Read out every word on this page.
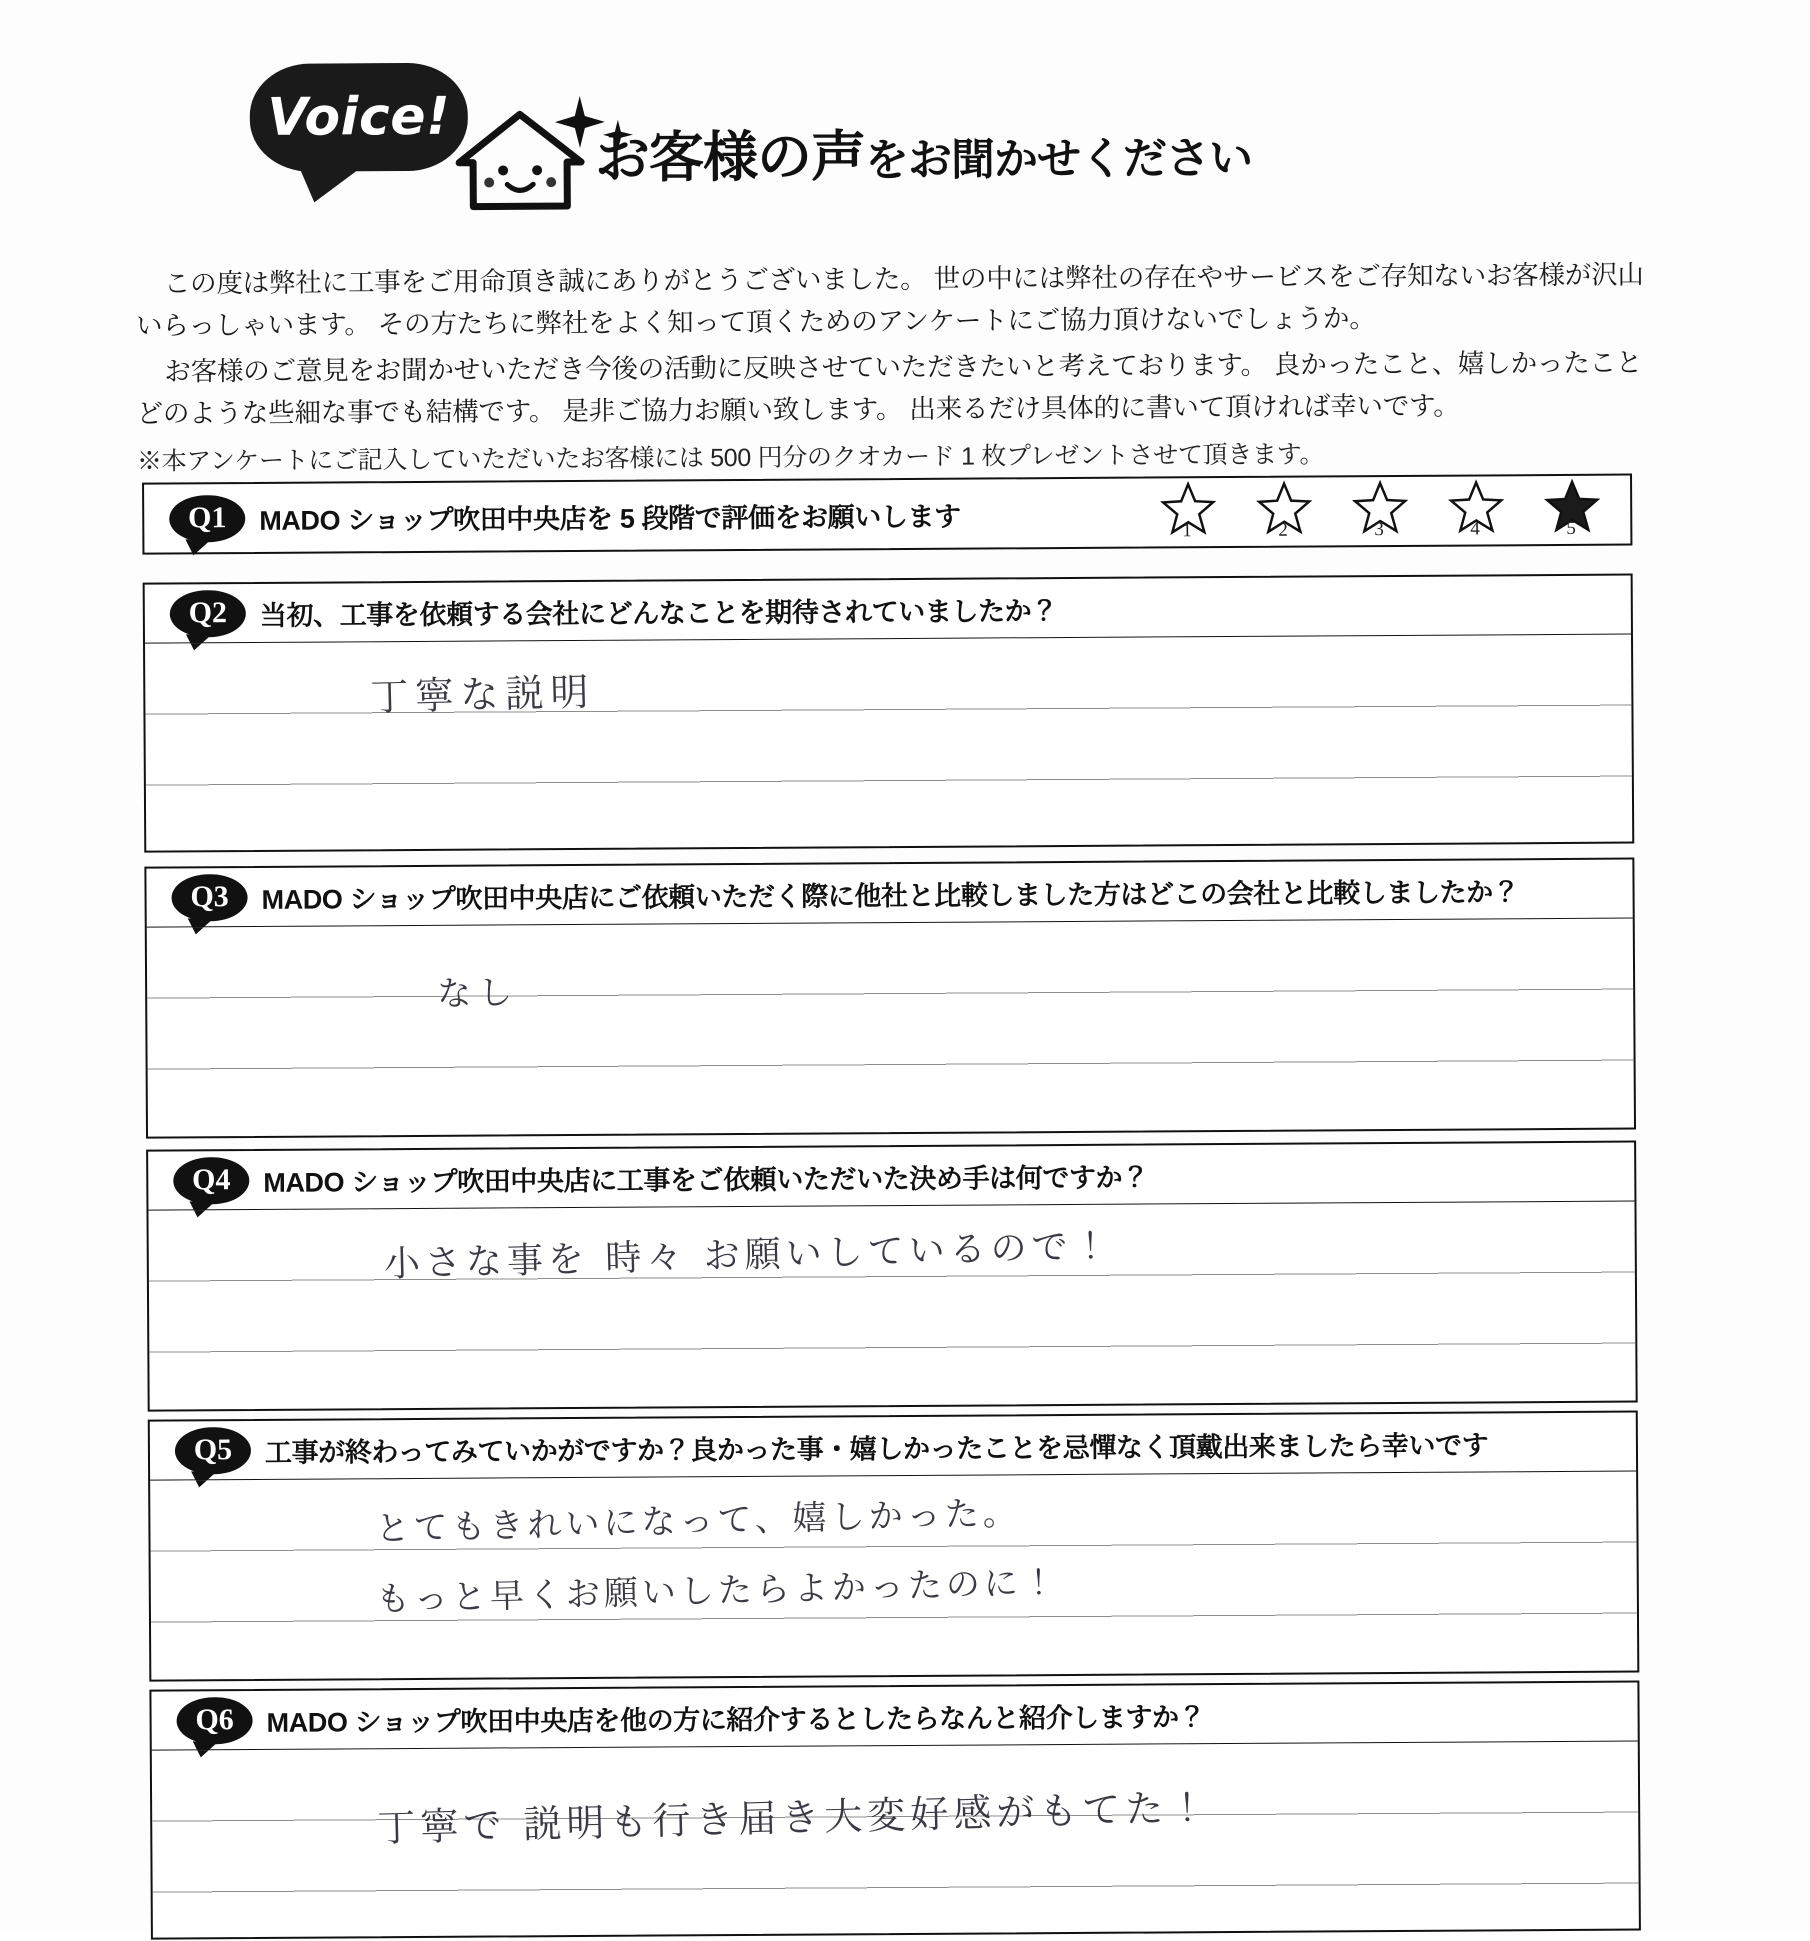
Voice!
お客様の声をお聞かせください

この度は弊社に工事をご用命頂き誠にありがとうございました。 世の中には弊社の存在やサービスをご存知ないお客様が沢山いらっしゃいます。 その方たちに弊社をよく知って頂くためのアンケートにご協力頂けないでしょうか。

お客様のご意見をお聞かせいただき今後の活動に反映させていただきたいと考えております。 良かったこと、嬉しかったことどのような些細な事でも結構です。 是非ご協力お願い致します。 出来るだけ具体的に書いて頂ければ幸いです。

※本アンケートにご記入していただいたお客様には 500 円分のクオカード 1 枚プレゼントさせて頂きます。
Q1	MADO ショップ吹田中央店を 5 段階で評価をお願いします	1	2	3	4	5
Q2	当初、工事を依頼する会社にどんなことを期待されていましたか？
丁寧な説明
Q3	MADO ショップ吹田中央店にご依頼いただく際に他社と比較しました方はどこの会社と比較しましたか？
なし
Q4	MADO ショップ吹田中央店に工事をご依頼いただいた決め手は何ですか？
小さな事を 時々 お願いしているので！
Q5	工事が終わってみていかがですか？良かった事・嬉しかったことを忌憚なく頂戴出来ましたら幸いです
とてもきれいになって、嬉しかった。
もっと早くお願いしたらよかったのに！
Q6	MADO ショップ吹田中央店を他の方に紹介するとしたらなんと紹介しますか？
丁寧で 説明も行き届き大変好感がもてた！
